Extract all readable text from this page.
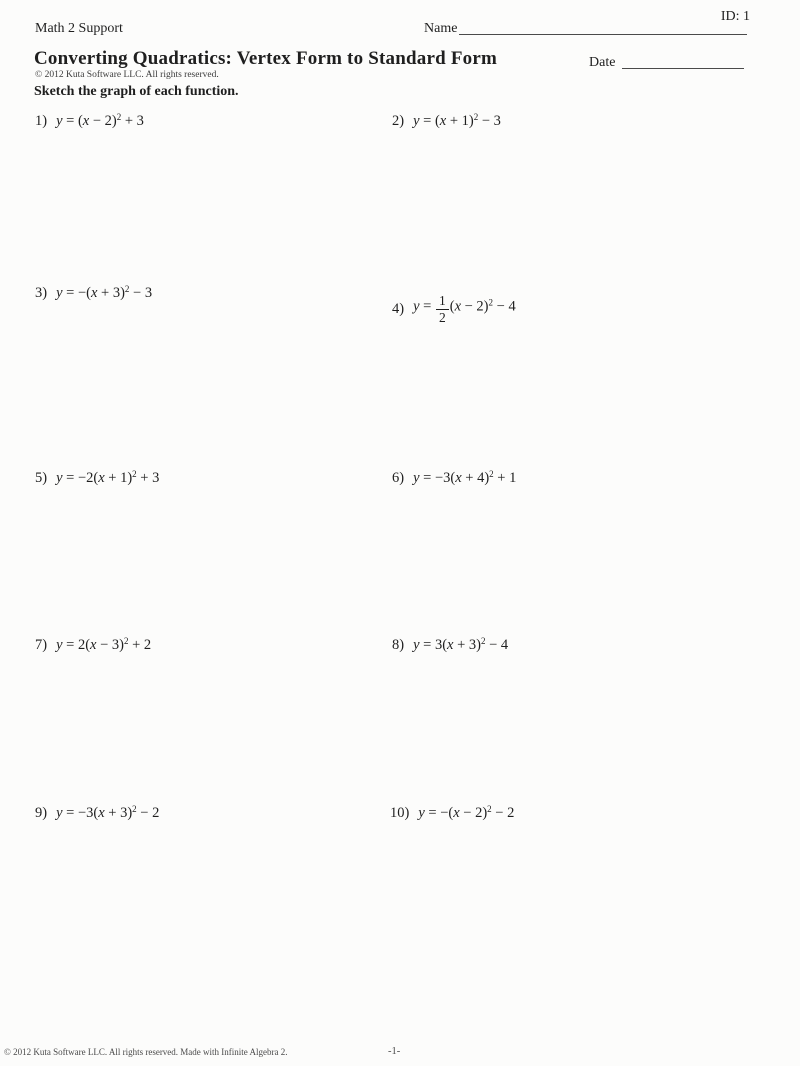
ID: 1
Math 2 Support	Name
Converting Quadratics: Vertex Form to Standard Form	Date
© 2012 Kuta Software LLC. All rights reserved.
Sketch the graph of each function.
1) $y = (x - 2)^2 + 3$	2) $y = (x + 1)^2 - 3$
3) $y = -(x + 3)^2 - 3$
4) $y = \frac{1}{2} (x - 2)^2 - 4$
5) $y = -2(x + 1)^2 + 3$	6) $y = -3(x + 4)^2 + 1$
7) $y = 2(x - 3)^2 + 2$	8) $y = 3(x + 3)^2 - 4$
9) $y = -3(x + 3)^2 - 2$	10) $y = -(x - 2)^2 - 2$
© 2012 Kuta Software LLC. All rights reserved. Made with Infinite Algebra 2.	-1-
